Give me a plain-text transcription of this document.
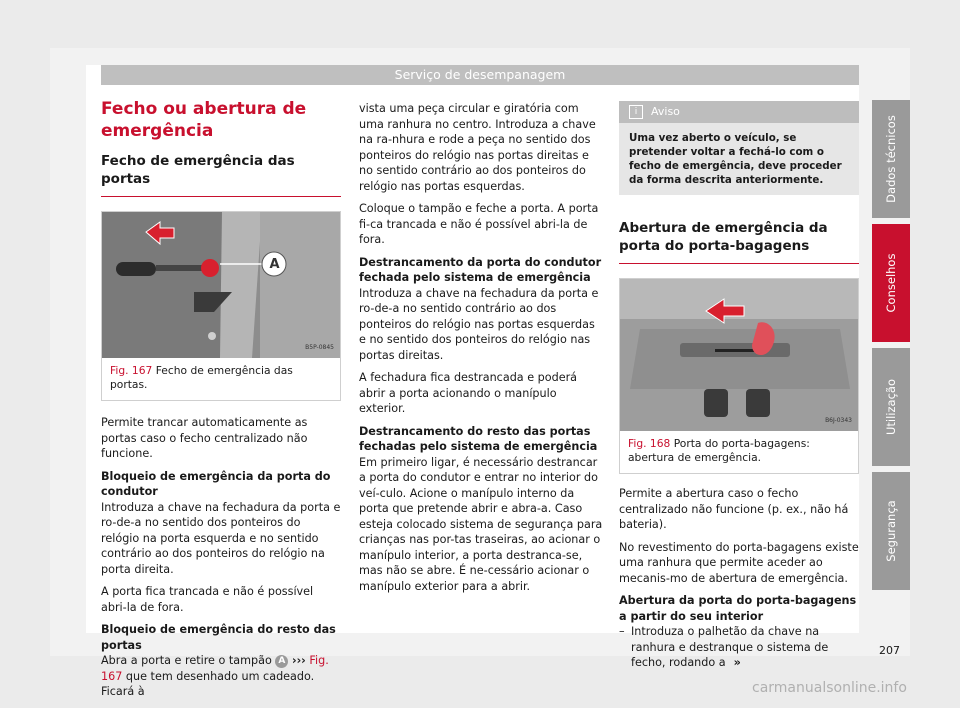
Serviço de desempanagem
Fecho ou abertura de emergência
Fecho de emergência das portas
A
B5P-0845
Fig. 167 Fecho de emergência das portas.

Permite trancar automaticamente as portas caso o fecho centralizado não funcione.

Bloqueio de emergência da porta do condutor

Introduza a chave na fechadura da porta e ro-de-a no sentido dos ponteiros do relógio na porta esquerda e no sentido contrário ao dos ponteiros do relógio na porta direita.

A porta fica trancada e não é possível abri-la de fora.

Bloqueio de emergência do resto das portas

Abra a porta e retire o tampão A ››› Fig. 167 que tem desenhado um cadeado. Ficará à

vista uma peça circular e giratória com uma ranhura no centro. Introduza a chave na ra-nhura e rode a peça no sentido dos ponteiros do relógio nas portas direitas e no sentido contrário ao dos ponteiros do relógio nas portas esquerdas.

Coloque o tampão e feche a porta. A porta fi-ca trancada e não é possível abri-la de fora.

Destrancamento da porta do condutor fechada pelo sistema de emergência

Introduza a chave na fechadura da porta e ro-de-a no sentido contrário ao dos ponteiros do relógio nas portas esquerdas e no sentido dos ponteiros do relógio nas portas direitas.

A fechadura fica destrancada e poderá abrir a porta acionando o manípulo exterior.

Destrancamento do resto das portas fechadas pelo sistema de emergência

Em primeiro ligar, é necessário destrancar a porta do condutor e entrar no interior do veí-culo. Acione o manípulo interno da porta que pretende abrir e abra-a. Caso esteja colocado sistema de segurança para crianças nas por-tas traseiras, ao acionar o manípulo interior, a porta destranca-se, mas não se abre. É ne-cessário acionar o manípulo exterior para a abrir.

i Aviso
Uma vez aberto o veículo, se pretender voltar a fechá-lo com o fecho de emergência, deve proceder da forma descrita anteriormente.
Abertura de emergência da porta do porta-bagagens
B6J-0343
Fig. 168 Porta do porta-bagagens: abertura de emergência.

Permite a abertura caso o fecho centralizado não funcione (p. ex., não há bateria).

No revestimento do porta-bagagens existe uma ranhura que permite aceder ao mecanis-mo de abertura de emergência.

Abertura da porta do porta-bagagens a partir do seu interior

– Introduza o palhetão da chave na ranhura e destranque o sistema de fecho, rodando a »
Dados técnicos
Conselhos
Utilização
Segurança
207
carmanualsonline.info
